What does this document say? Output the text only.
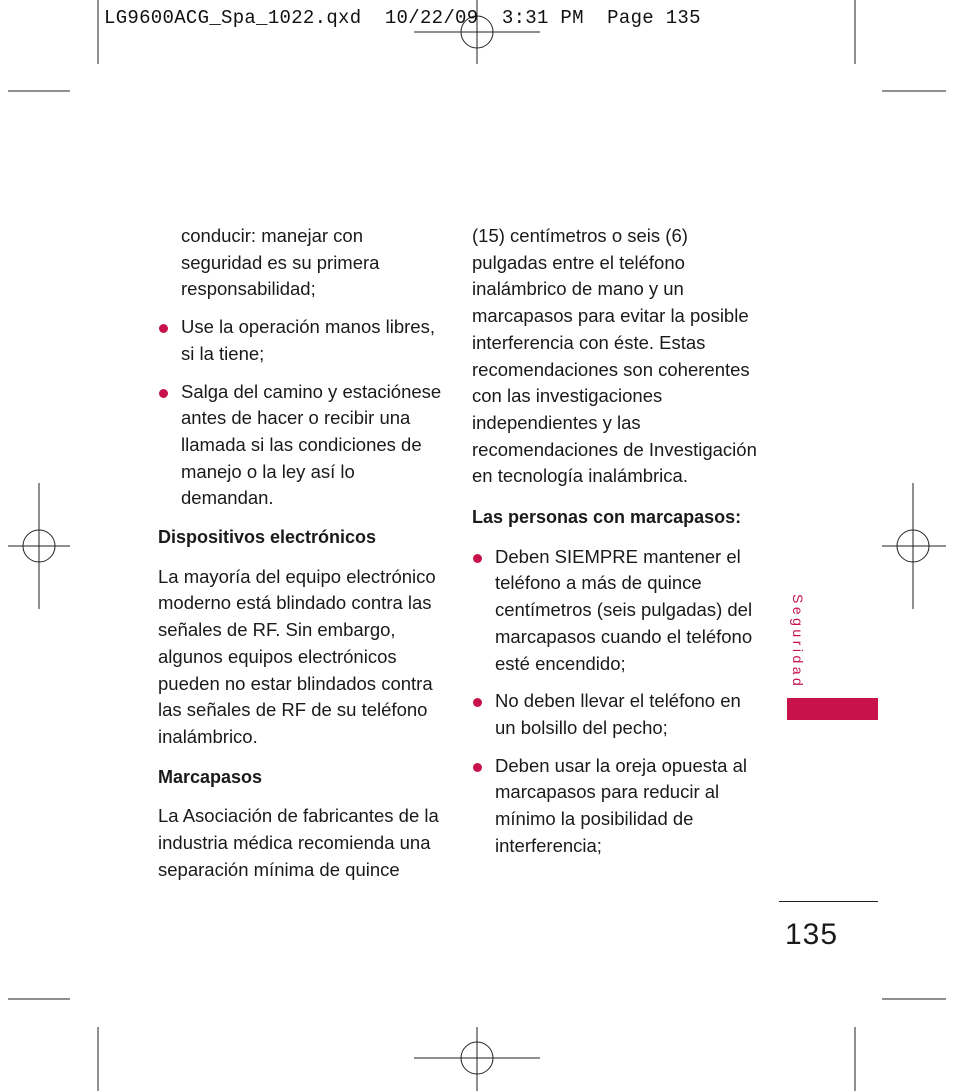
LG9600ACG_Spa_1022.qxd  10/22/09  3:31 PM  Page 135

conducir: manejar con seguridad es su primera responsabilidad;

Use la operación manos libres, si la tiene;

Salga del camino y estaciónese antes de hacer o recibir una llamada si las condiciones de manejo o la ley así lo demandan.

Dispositivos electrónicos

La mayoría del equipo electrónico moderno está blindado contra las señales de RF. Sin embargo, algunos equipos electrónicos pueden no estar blindados contra las señales de RF de su teléfono inalámbrico.

Marcapasos

La Asociación de fabricantes de la industria médica recomienda una separación mínima de quince

(15) centímetros o seis (6) pulgadas entre el teléfono inalámbrico de mano y un marcapasos para evitar la posible interferencia con éste. Estas recomendaciones son coherentes con las investigaciones independientes y las recomendaciones de Investigación en tecnología inalámbrica.

Las personas con marcapasos:

Deben SIEMPRE mantener el teléfono a más de quince centímetros (seis pulgadas) del marcapasos cuando el teléfono esté encendido;

No deben llevar el teléfono en un bolsillo del pecho;

Deben usar la oreja opuesta al marcapasos para reducir al mínimo la posibilidad de interferencia;

Seguridad
135
